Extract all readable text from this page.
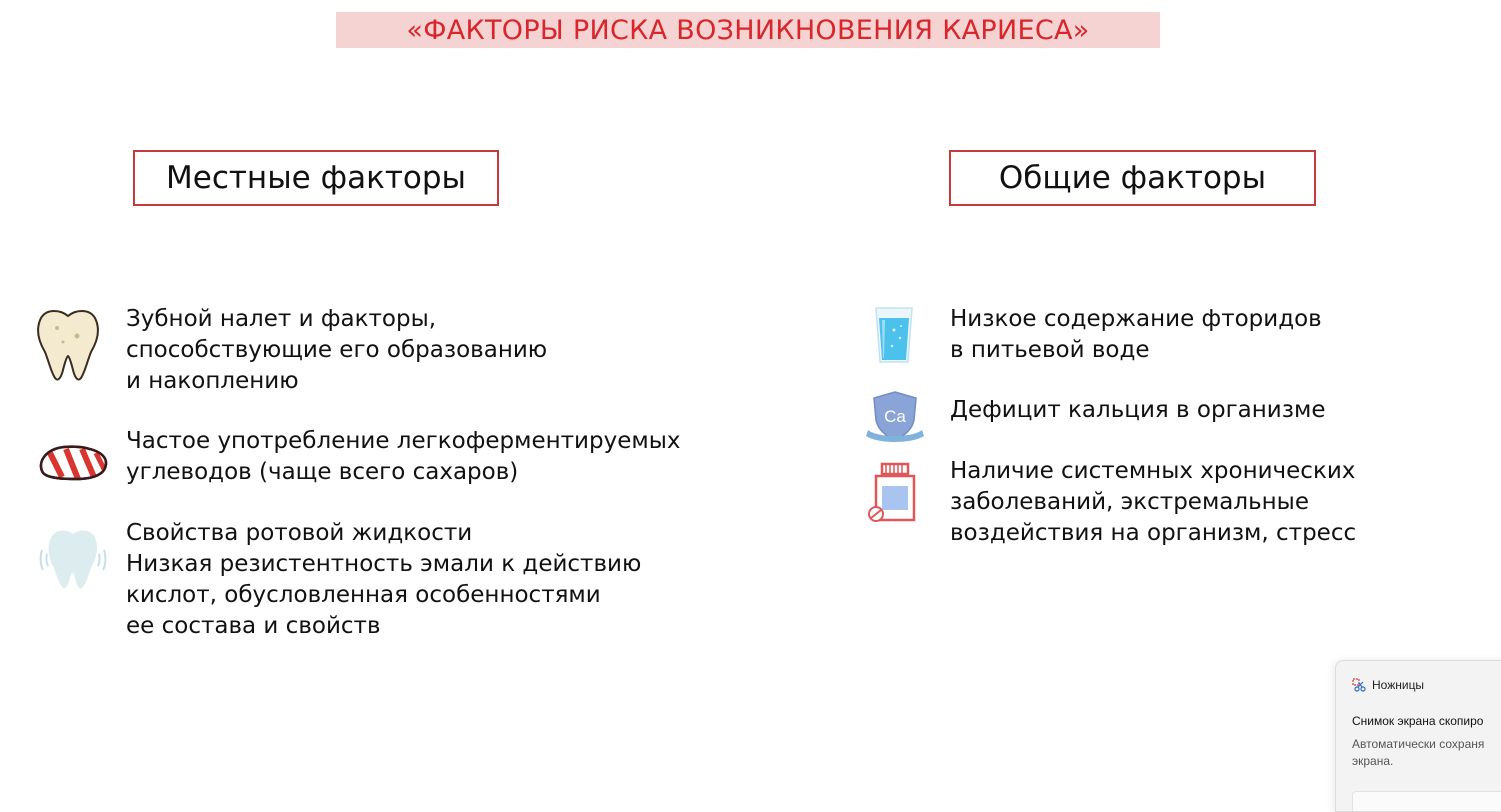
«ФАКТОРЫ РИСКА ВОЗНИКНОВЕНИЯ КАРИЕСА»
Местные факторы	Общие факторы
Зубной налет и факторы,
способствующие его образованию
и накоплению
Частое употребление легкоферментируемых
углеводов (чаще всего сахаров)
Свойства ротовой жидкости
Низкая резистентность эмали к действию
кислот, обусловленная особенностями
ее состава и свойств
Низкое содержание фторидов
в питьевой воде
Ca Дефицит кальция в организме
Наличие системных хронических
заболеваний, экстремальные
воздействия на организм, стресс
Ножницы
Снимок экрана скопиро
Автоматически сохраня экрана.
